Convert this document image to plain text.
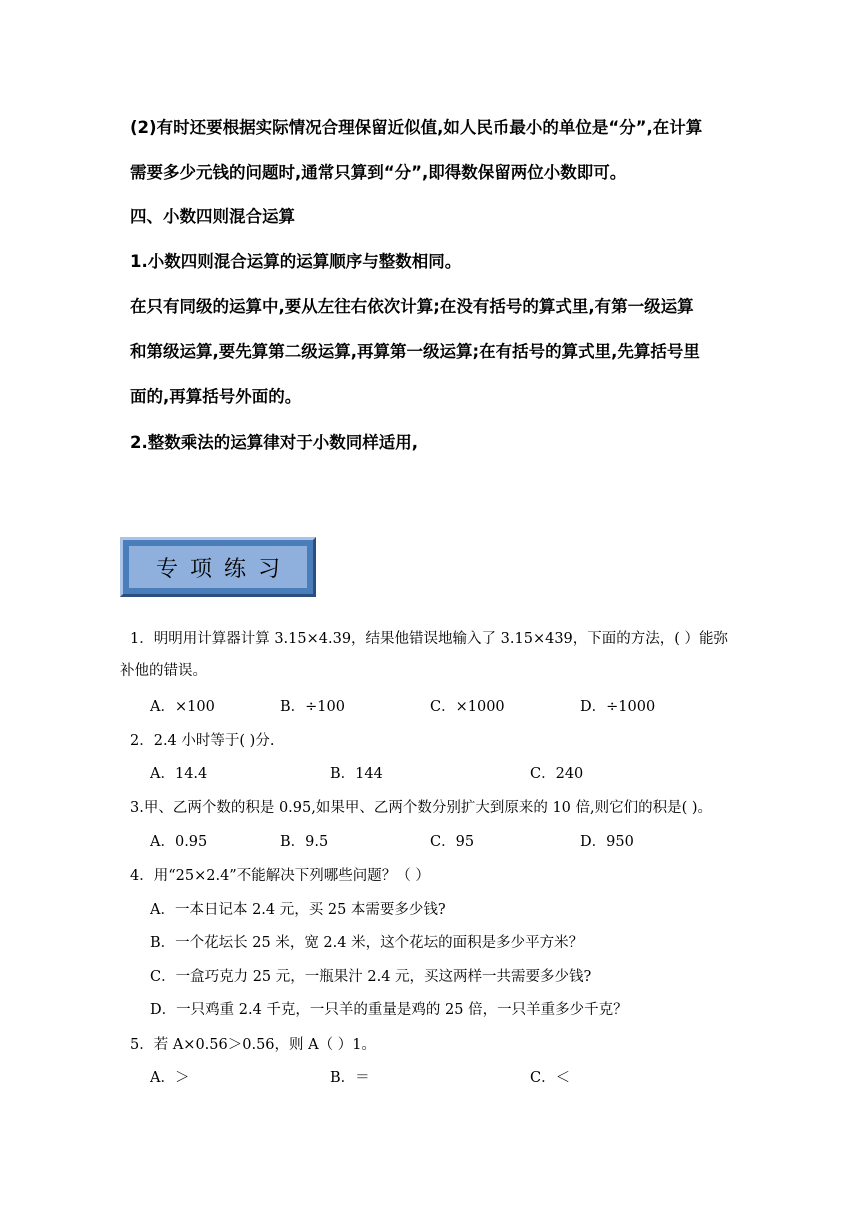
(2)有时还要根据实际情况合理保留近似值,如人民币最小的单位是“分”,在计算
需要多少元钱的问题时,通常只算到“分”,即得数保留两位小数即可。
四、小数四则混合运算
1.小数四则混合运算的运算顺序与整数相同。
在只有同级的运算中,要从左往右依次计算;在没有括号的算式里,有第一级运算
和第级运算,要先算第二级运算,再算第一级运算;在有括号的算式里,先算括号里
面的,再算括号外面的。
2.整数乘法的运算律对于小数同样适用,
专项练习
1．明明用计算器计算 3.15×4.39，结果他错误地输入了 3.15×439，下面的方法，( ）能弥
补他的错误。
A．×100	B．÷100	C．×1000	D．÷1000
2．2.4 小时等于( )分.
A．14.4	B．144	C．240
3.甲、乙两个数的积是 0.95,如果甲、乙两个数分别扩大到原来的 10 倍,则它们的积是( )。
A．0.95	B．9.5	C．95	D．950
4．用“25×2.4”不能解决下列哪些问题？（ ）
A．一本日记本 2.4 元，买 25 本需要多少钱?
B．一个花坛长 25 米，宽 2.4 米，这个花坛的面积是多少平方米？
C．一盒巧克力 25 元，一瓶果汁 2.4 元，买这两样一共需要多少钱?
D．一只鸡重 2.4 千克，一只羊的重量是鸡的 25 倍，一只羊重多少千克？
5．若 A×0.56＞0.56，则 A（ ）1。
A．＞	B．＝	C．＜
